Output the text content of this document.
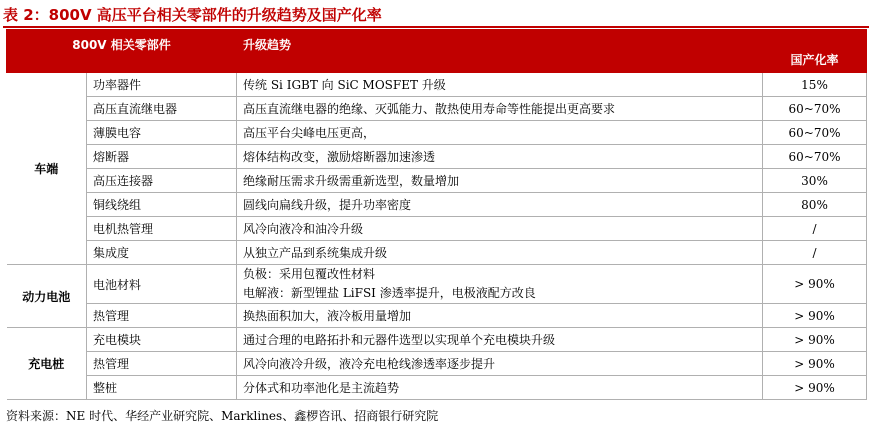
表 2：800V 高压平台相关零部件的升级趋势及国产化率
800V 相关零部件		升级趋势	国产化率
车端	功率器件	传统 Si IGBT 向 SiC MOSFET 升级	15%
	高压直流继电器	高压直流继电器的绝缘、灭弧能力、散热使用寿命等性能提出更高要求	60~70%
	薄膜电容	高压平台尖峰电压更高，	60~70%
	熔断器	熔体结构改变，激励熔断器加速渗透	60~70%
	高压连接器	绝缘耐压需求升级需重新选型，数量增加	30%
	铜线绕组	圆线向扁线升级，提升功率密度	80%
	电机热管理	风冷向液冷和油冷升级	/
	集成度	从独立产品到系统集成升级	/
动力电池	电池材料	负极：采用包覆改性材料
电解液：新型锂盐 LiFSI 渗透率提升，电极液配方改良	> 90%
	热管理	换热面积加大，液冷板用量增加	> 90%
充电桩	充电模块	通过合理的电路拓扑和元器件选型以实现单个充电模块升级	> 90%
	热管理	风冷向液冷升级，液冷充电枪线渗透率逐步提升	> 90%
	整桩	分体式和功率池化是主流趋势	> 90%
资料来源：NE 时代、华经产业研究院、Marklines、鑫椤咨讯、招商银行研究院
